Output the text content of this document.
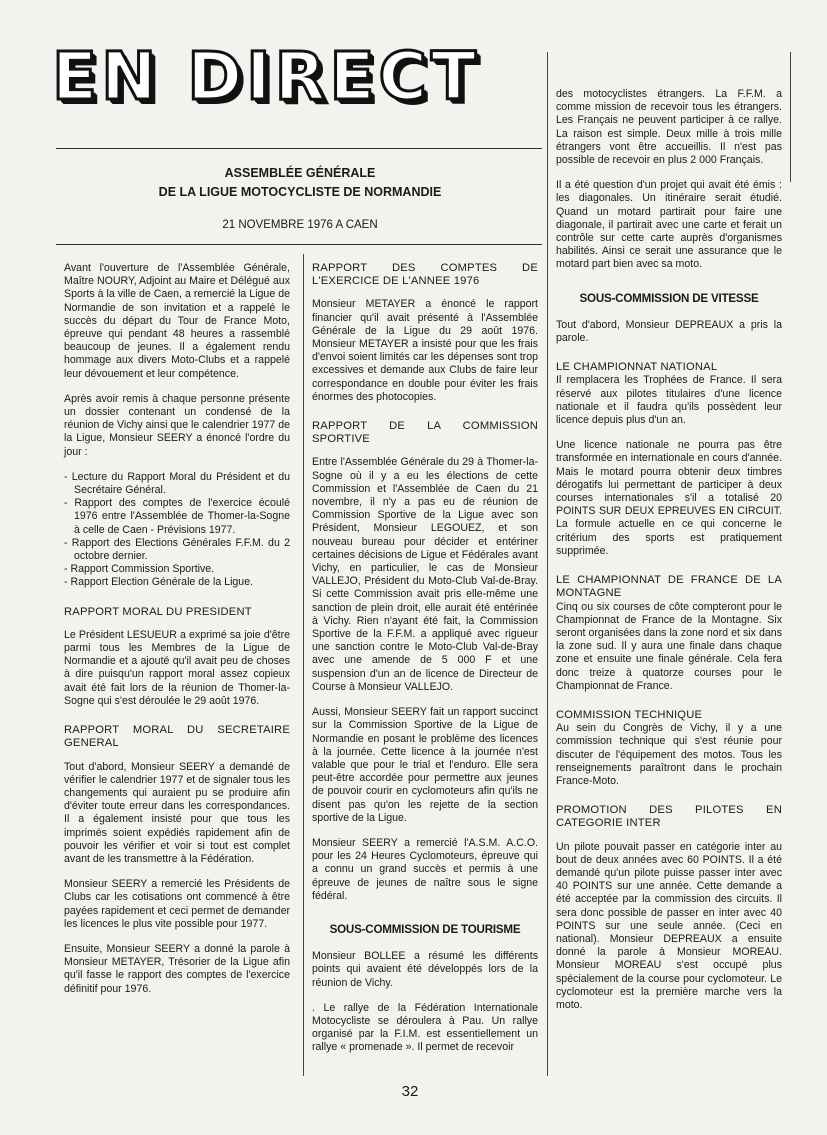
EN DIRECT
ASSEMBLÉE GÉNÉRALE
DE LA LIGUE MOTOCYCLISTE DE NORMANDIE
21 NOVEMBRE 1976 A CAEN

Avant l'ouverture de l'Assemblée Générale, Maître NOURY, Adjoint au Maire et Délégué aux Sports à la ville de Caen, a remercié la Ligue de Normandie de son invitation et a rappelé le succès du départ du Tour de France Moto, épreuve qui pendant 48 heures a rassemblé beaucoup de jeunes. Il a également rendu hommage aux divers Moto-Clubs et a rappelé leur dévouement et leur compétence.

Après avoir remis à chaque personne présente un dossier contenant un condensé de la réunion de Vichy ainsi que le calendrier 1977 de la Ligue, Monsieur SEERY a énoncé l'ordre du jour :

- Lecture du Rapport Moral du Président et du Secrétaire Général.
- Rapport des comptes de l'exercice écoulé 1976 entre l'Assemblée de Thomer-la-Sogne à celle de Caen - Prévisions 1977.
- Rapport des Elections Générales F.F.M. du 2 octobre dernier.
- Rapport Commission Sportive.
- Rapport Election Générale de la Ligue.
RAPPORT MORAL DU PRESIDENT

Le Président LESUEUR a exprimé sa joie d'être parmi tous les Membres de la Ligue de Normandie et a ajouté qu'il avait peu de choses à dire puisqu'un rapport moral assez copieux avait été fait lors de la réunion de Thomer-la-Sogne qui s'est déroulée le 29 août 1976.

RAPPORT MORAL DU SECRETAIRE GENERAL

Tout d'abord, Monsieur SEERY a demandé de vérifier le calendrier 1977 et de signaler tous les changements qui auraient pu se produire afin d'éviter toute erreur dans les correspondances. Il a également insisté pour que tous les imprimés soient expédiés rapidement afin de pouvoir les vérifier et voir si tout est complet avant de les transmettre à la Fédération.

Monsieur SEERY a remercié les Présidents de Clubs car les cotisations ont commencé à être payées rapidement et ceci permet de demander les licences le plus vite possible pour 1977.

Ensuite, Monsieur SEERY a donné la parole à Monsieur METAYER, Trésorier de la Ligue afin qu'il fasse le rapport des comptes de l'exercice définitif pour 1976.

RAPPORT DES COMPTES DE L'EXERCICE DE L'ANNEE 1976

Monsieur METAYER a énoncé le rapport financier qu'il avait présenté à l'Assemblée Générale de la Ligue du 29 août 1976. Monsieur METAYER a insisté pour que les frais d'envoi soient limités car les dépenses sont trop excessives et demande aux Clubs de faire leur correspondance en double pour éviter les frais énormes des photocopies.

RAPPORT DE LA COMMISSION SPORTIVE

Entre l'Assemblée Générale du 29 à Thomer-la-Sogne où il y a eu les élections de cette Commission et l'Assemblée de Caen du 21 novembre, il n'y a pas eu de réunion de Commission Sportive de la Ligue avec son Président, Monsieur LEGOUEZ, et son nouveau bureau pour décider et entériner certaines décisions de Ligue et Fédérales avant Vichy, en particulier, le cas de Monsieur VALLEJO, Président du Moto-Club Val-de-Bray. Si cette Commission avait pris elle-même une sanction de plein droit, elle aurait été entérinée à Vichy. Rien n'ayant été fait, la Commission Sportive de la F.F.M. a appliqué avec rigueur une sanction contre le Moto-Club Val-de-Bray avec une amende de 5 000 F et une suspension d'un an de licence de Directeur de Course à Monsieur VALLEJO.

Aussi, Monsieur SEERY fait un rapport succinct sur la Commission Sportive de la Ligue de Normandie en posant le problème des licences à la journée. Cette licence à la journée n'est valable que pour le trial et l'enduro. Elle sera peut-être accordée pour permettre aux jeunes de pouvoir courir en cyclomoteurs afin qu'ils ne disent pas qu'on les rejette de la section sportive de la Ligue.

Monsieur SEERY a remercié l'A.S.M. A.C.O. pour les 24 Heures Cyclomoteurs, épreuve qui a connu un grand succès et permis à une épreuve de jeunes de naître sous le signe fédéral.

SOUS-COMMISSION DE TOURISME

Monsieur BOLLEE a résumé les différents points qui avaient été développés lors de la réunion de Vichy.

. Le rallye de la Fédération Internationale Motocycliste se déroulera à Pau. Un rallye organisé par la F.I.M. est essentiellement un rallye « promenade ». Il permet de recevoir

des motocyclistes étrangers. La F.F.M. a comme mission de recevoir tous les étrangers. Les Français ne peuvent participer à ce rallye. La raison est simple. Deux mille à trois mille étrangers vont être accueillis. Il n'est pas possible de recevoir en plus 2 000 Français.

Il a été question d'un projet qui avait été émis : les diagonales. Un itinéraire serait étudié. Quand un motard partirait pour faire une diagonale, il partirait avec une carte et ferait un contrôle sur cette carte auprès d'organismes habilités. Ainsi ce serait une assurance que le motard part bien avec sa moto.

SOUS-COMMISSION DE VITESSE

Tout d'abord, Monsieur DEPREAUX a pris la parole.

LE CHAMPIONNAT NATIONAL

Il remplacera les Trophées de France. Il sera réservé aux pilotes titulaires d'une licence nationale et il faudra qu'ils possèdent leur licence depuis plus d'un an.

Une licence nationale ne pourra pas être transformée en internationale en cours d'année. Mais le motard pourra obtenir deux timbres dérogatifs lui permettant de participer à deux courses internationales s'il a totalisé 20 POINTS SUR DEUX EPREUVES EN CIRCUIT. La formule actuelle en ce qui concerne le critérium des sports est pratiquement supprimée.

LE CHAMPIONNAT DE FRANCE DE LA MONTAGNE

Cinq ou six courses de côte compteront pour le Championnat de France de la Montagne. Six seront organisées dans la zone nord et six dans la zone sud. Il y aura une finale dans chaque zone et ensuite une finale générale. Cela fera donc treize à quatorze courses pour le Championnat de France.

COMMISSION TECHNIQUE

Au sein du Congrès de Vichy, il y a une commission technique qui s'est réunie pour discuter de l'équipement des motos. Tous les renseignements paraîtront dans le prochain France-Moto.

PROMOTION DES PILOTES EN CATEGORIE INTER

Un pilote pouvait passer en catégorie inter au bout de deux années avec 60 POINTS. Il a été demandé qu'un pilote puisse passer inter avec 40 POINTS sur une année. Cette demande a été acceptée par la commission des circuits. Il sera donc possible de passer en inter avec 40 POINTS sur une seule année. (Ceci en national). Monsieur DEPREAUX a ensuite donné la parole à Monsieur MOREAU. Monsieur MOREAU s'est occupé plus spécialement de la course pour cyclomoteur. Le cyclomoteur est la première marche vers la moto.

32
